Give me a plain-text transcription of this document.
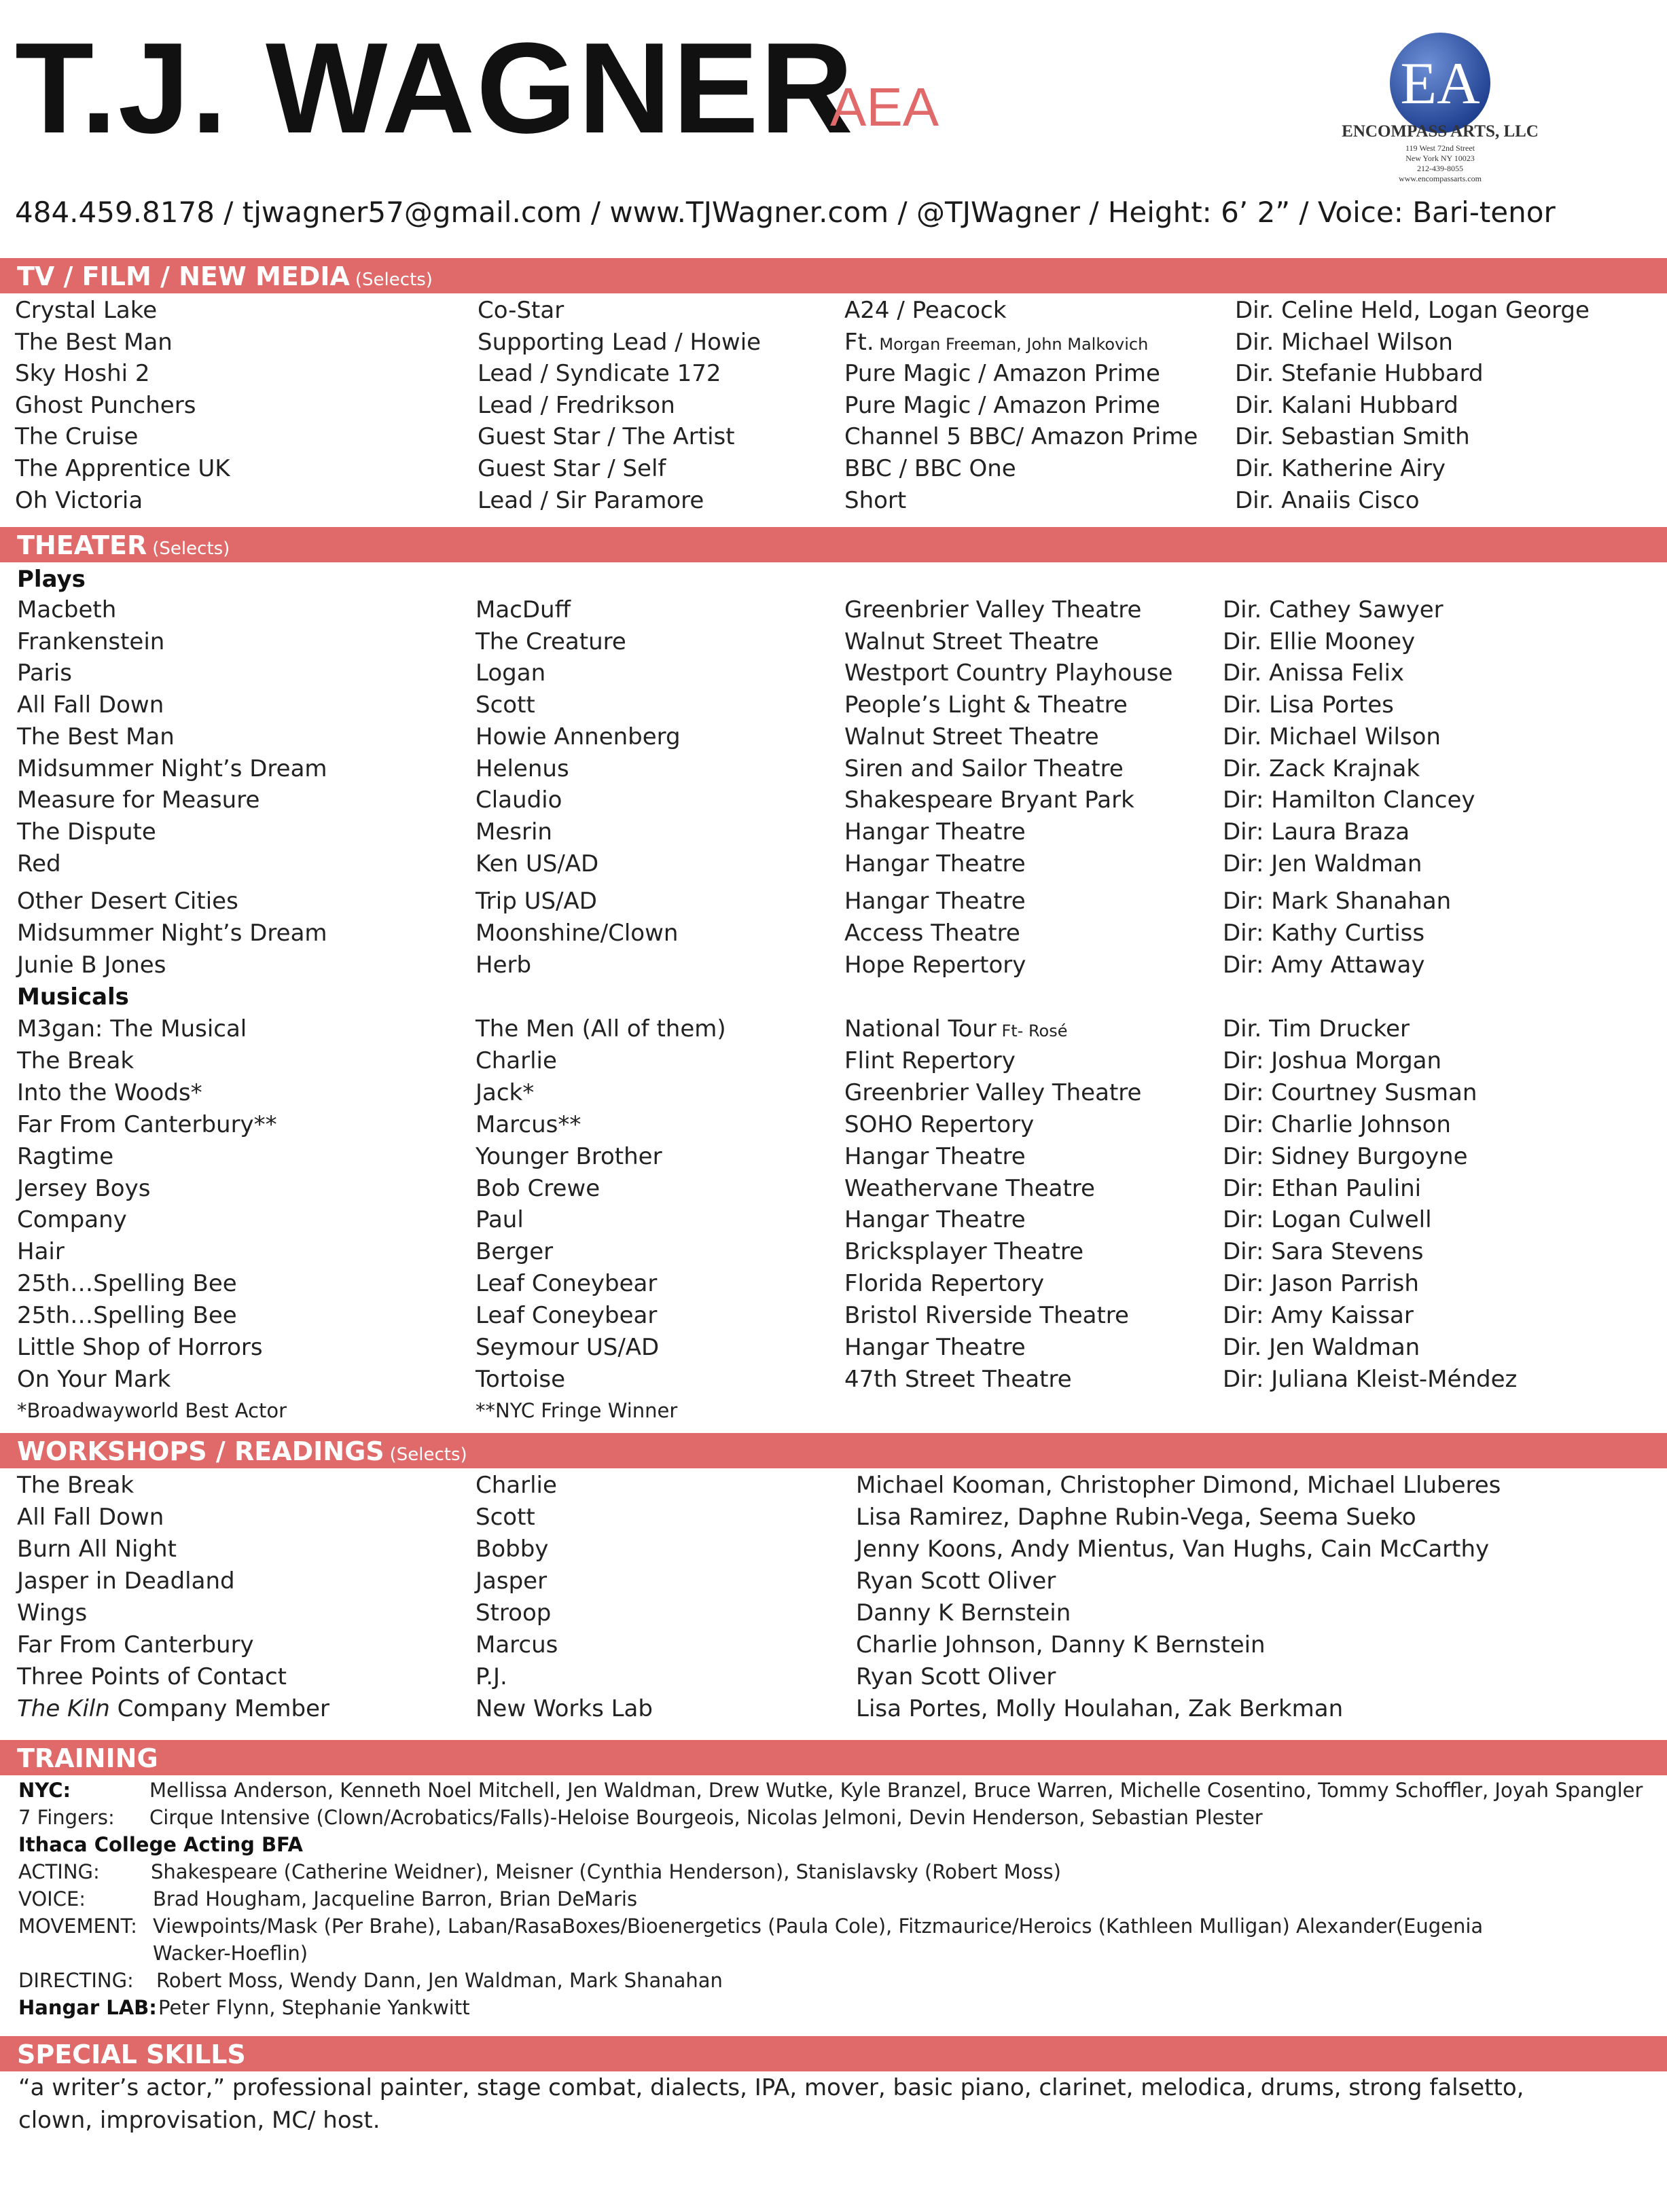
T.J. WAGNER
AEA
484.459.8178 / tjwagner57@gmail.com / www.TJWagner.com / @TJWagner / Height: 6’ 2” / Voice: Bari-tenor
EA
ENCOMPASS ARTS, LLC
119 West 72nd Street
New York NY 10023
212-439-8055
www.encompassarts.com
TV / FILM / NEW MEDIA (Selects)
Crystal Lake	Co-Star	A24 / Peacock	Dir. Celine Held, Logan George
The Best Man	Supporting Lead / Howie	Ft. Morgan Freeman, John Malkovich	Dir. Michael Wilson
Sky Hoshi 2	Lead / Syndicate 172	Pure Magic / Amazon Prime	Dir. Stefanie Hubbard
Ghost Punchers	Lead / Fredrikson	Pure Magic / Amazon Prime	Dir. Kalani Hubbard
The Cruise	Guest Star / The Artist	Channel 5 BBC/ Amazon Prime Dir. Sebastian Smith
The Apprentice UK	Guest Star / Self	BBC / BBC One	Dir. Katherine Airy
Oh Victoria	Lead / Sir Paramore	Short	Dir. Anaiis Cisco
THEATER (Selects)
Plays
Macbeth	MacDuff	Greenbrier Valley Theatre	Dir. Cathey Sawyer
Frankenstein	The Creature	Walnut Street Theatre	Dir. Ellie Mooney
Paris	Logan	Westport Country Playhouse Dir. Anissa Felix
All Fall Down	Scott	People’s Light & Theatre	Dir. Lisa Portes
The Best Man	Howie Annenberg	Walnut Street Theatre	Dir. Michael Wilson
Midsummer Night’s Dream	Helenus	Siren and Sailor Theatre	Dir. Zack Krajnak
Measure for Measure	Claudio	Shakespeare Bryant Park	Dir: Hamilton Clancey
The Dispute	Mesrin	Hangar Theatre	Dir: Laura Braza
Red	Ken US/AD	Hangar Theatre	Dir: Jen Waldman
Other Desert Cities	Trip US/AD	Hangar Theatre	Dir: Mark Shanahan
Midsummer Night’s Dream	Moonshine/Clown	Access Theatre	Dir: Kathy Curtiss
Junie B Jones	Herb	Hope Repertory	Dir: Amy Attaway
Musicals
M3gan: The Musical	The Men (All of them)	National Tour Ft- Rosé	Dir. Tim Drucker
The Break	Charlie	Flint Repertory	Dir: Joshua Morgan
Into the Woods*	Jack*	Greenbrier Valley Theatre	Dir: Courtney Susman
Far From Canterbury**	Marcus**	SOHO Repertory	Dir: Charlie Johnson
Ragtime	Younger Brother	Hangar Theatre	Dir: Sidney Burgoyne
Jersey Boys	Bob Crewe	Weathervane Theatre	Dir: Ethan Paulini
Company	Paul	Hangar Theatre	Dir: Logan Culwell
Hair	Berger	Bricksplayer Theatre	Dir: Sara Stevens
25th…Spelling Bee	Leaf Coneybear	Florida Repertory	Dir: Jason Parrish
25th…Spelling Bee	Leaf Coneybear	Bristol Riverside Theatre	Dir: Amy Kaissar
Little Shop of Horrors	Seymour US/AD	Hangar Theatre	Dir. Jen Waldman
On Your Mark	Tortoise	47th Street Theatre	Dir: Juliana Kleist-Méndez
*Broadwayworld Best Actor	**NYC Fringe Winner
WORKSHOPS / READINGS (Selects)
The Break	Charlie	Michael Kooman, Christopher Dimond, Michael Lluberes
All Fall Down	Scott	Lisa Ramirez, Daphne Rubin-Vega, Seema Sueko
Burn All Night	Bobby	Jenny Koons, Andy Mientus, Van Hughs, Cain McCarthy
Jasper in Deadland	Jasper	Ryan Scott Oliver
Wings	Stroop	Danny K Bernstein
Far From Canterbury	Marcus	Charlie Johnson, Danny K Bernstein
Three Points of Contact	P.J.	Ryan Scott Oliver
The Kiln Company Member	New Works Lab	Lisa Portes, Molly Houlahan, Zak Berkman
TRAINING
NYC:	Mellissa Anderson, Kenneth Noel Mitchell, Jen Waldman, Drew Wutke, Kyle Branzel, Bruce Warren, Michelle Cosentino, Tommy Schoffler, Joyah Spangler
7 Fingers: Cirque Intensive (Clown/Acrobatics/Falls)-Heloise Bourgeois, Nicolas Jelmoni, Devin Henderson, Sebastian Plester
Ithaca College Acting BFA
ACTING:	Shakespeare (Catherine Weidner), Meisner (Cynthia Henderson), Stanislavsky (Robert Moss)
VOICE:	Brad Hougham, Jacqueline Barron, Brian DeMaris
MOVEMENT: Viewpoints/Mask (Per Brahe), Laban/RasaBoxes/Bioenergetics (Paula Cole), Fitzmaurice/Heroics (Kathleen Mulligan) Alexander(Eugenia
Wacker-Hoeflin)
DIRECTING: Robert Moss, Wendy Dann, Jen Waldman, Mark Shanahan
Hangar LAB: Peter Flynn, Stephanie Yankwitt
SPECIAL SKILLS
“a writer’s actor,” professional painter, stage combat, dialects, IPA, mover, basic piano, clarinet, melodica, drums, strong falsetto, clown, improvisation, MC/ host.
